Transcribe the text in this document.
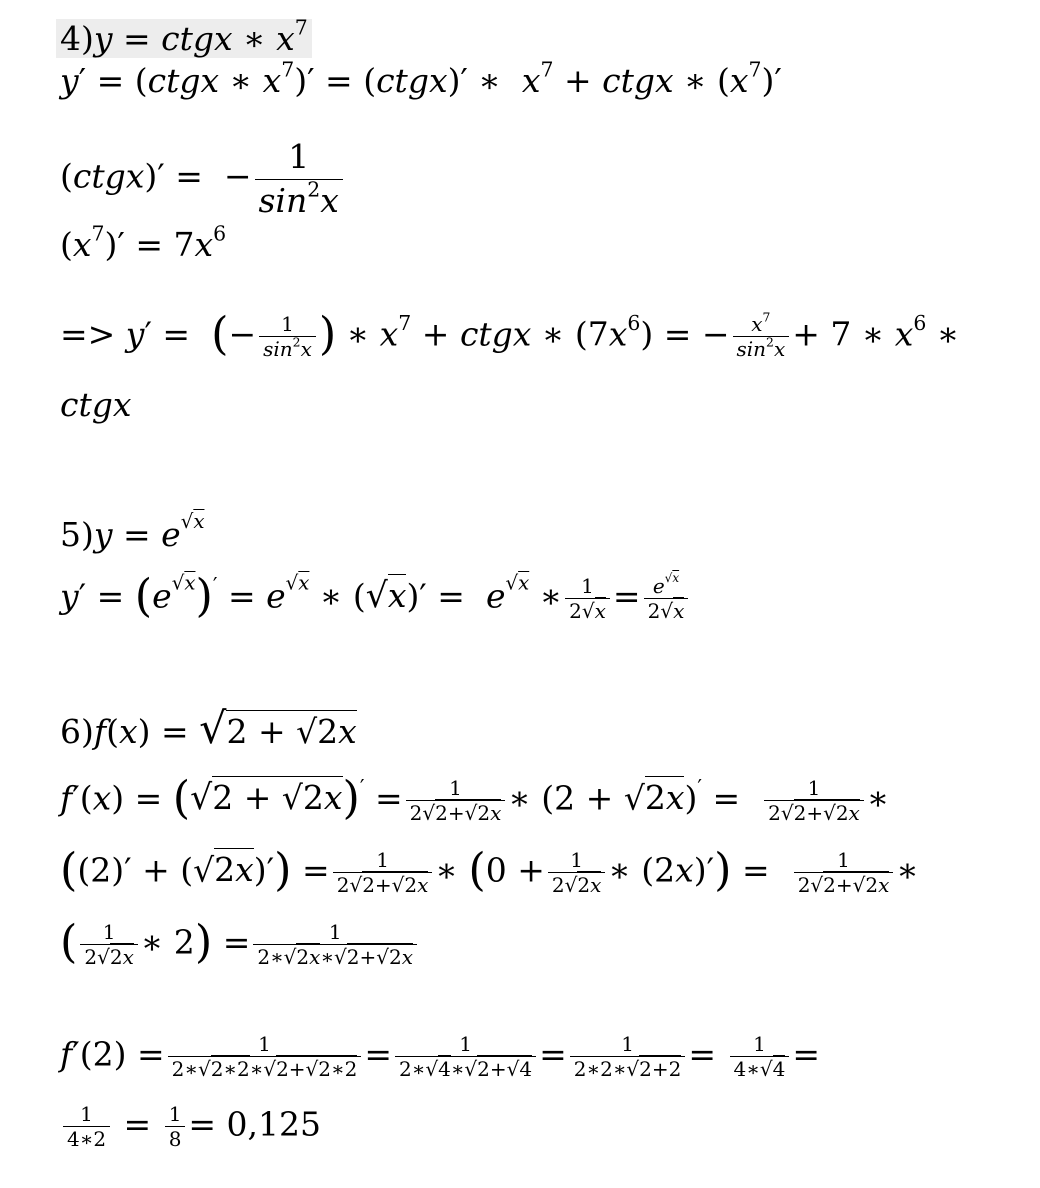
4)y = ctgx ∗ $x^7$
y′ = (ctgx ∗ $x^7)'$ = (ctgx)′ ∗  $x^7$ + ctgx ∗ $(x^7)'$
(ctgx)′ =  − $\frac{1}{\sin^2x}$
$(x^7)' = 7x^6$
=> y′ =  (− $\frac{1}{\sin^2x}$ ) ∗ $x^7$ + ctgx ∗ $(7x^6)$ = − $\frac{x^7}{\sin^2x} + 7$ ∗ $x^6$ ∗
ctgx
$5)y = e^{√x}$
$y' = (e^{√x})' = e^{√x}$ ∗ $(√x)' = e^{√x}$ ∗ $\frac{1}{2√x} = \frac{e^{√x}}{2√x}$
6)f(x) = √2 + √2x
$f'(x) = (√2 + √2x)' = \frac{1}{2√2+√2x}$ ∗ $(2 + √2x)' = \frac{1}{2√2+√2x}$ ∗
$((2)' + (√2x)') = \frac{1}{2√2+√2x}$ ∗ ($0 + \frac{1}{2√2x}$ ∗ $(2x)') = \frac{1}{2√2+√2x}$ ∗
( $\frac{1}{2√2x}$ ∗ $2) = \frac{1}{2∗√2x∗√2+√2x}$
$f'(2) = \frac{1}{2∗√2∗2∗√2+√2∗2} = \frac{1}{2∗√4∗√2+√4} = \frac{1}{2∗2∗√2+2} = \frac{1}{4∗√4}$ =
$\frac{1}{4∗2} = \frac{1}{8} = 0,125$
